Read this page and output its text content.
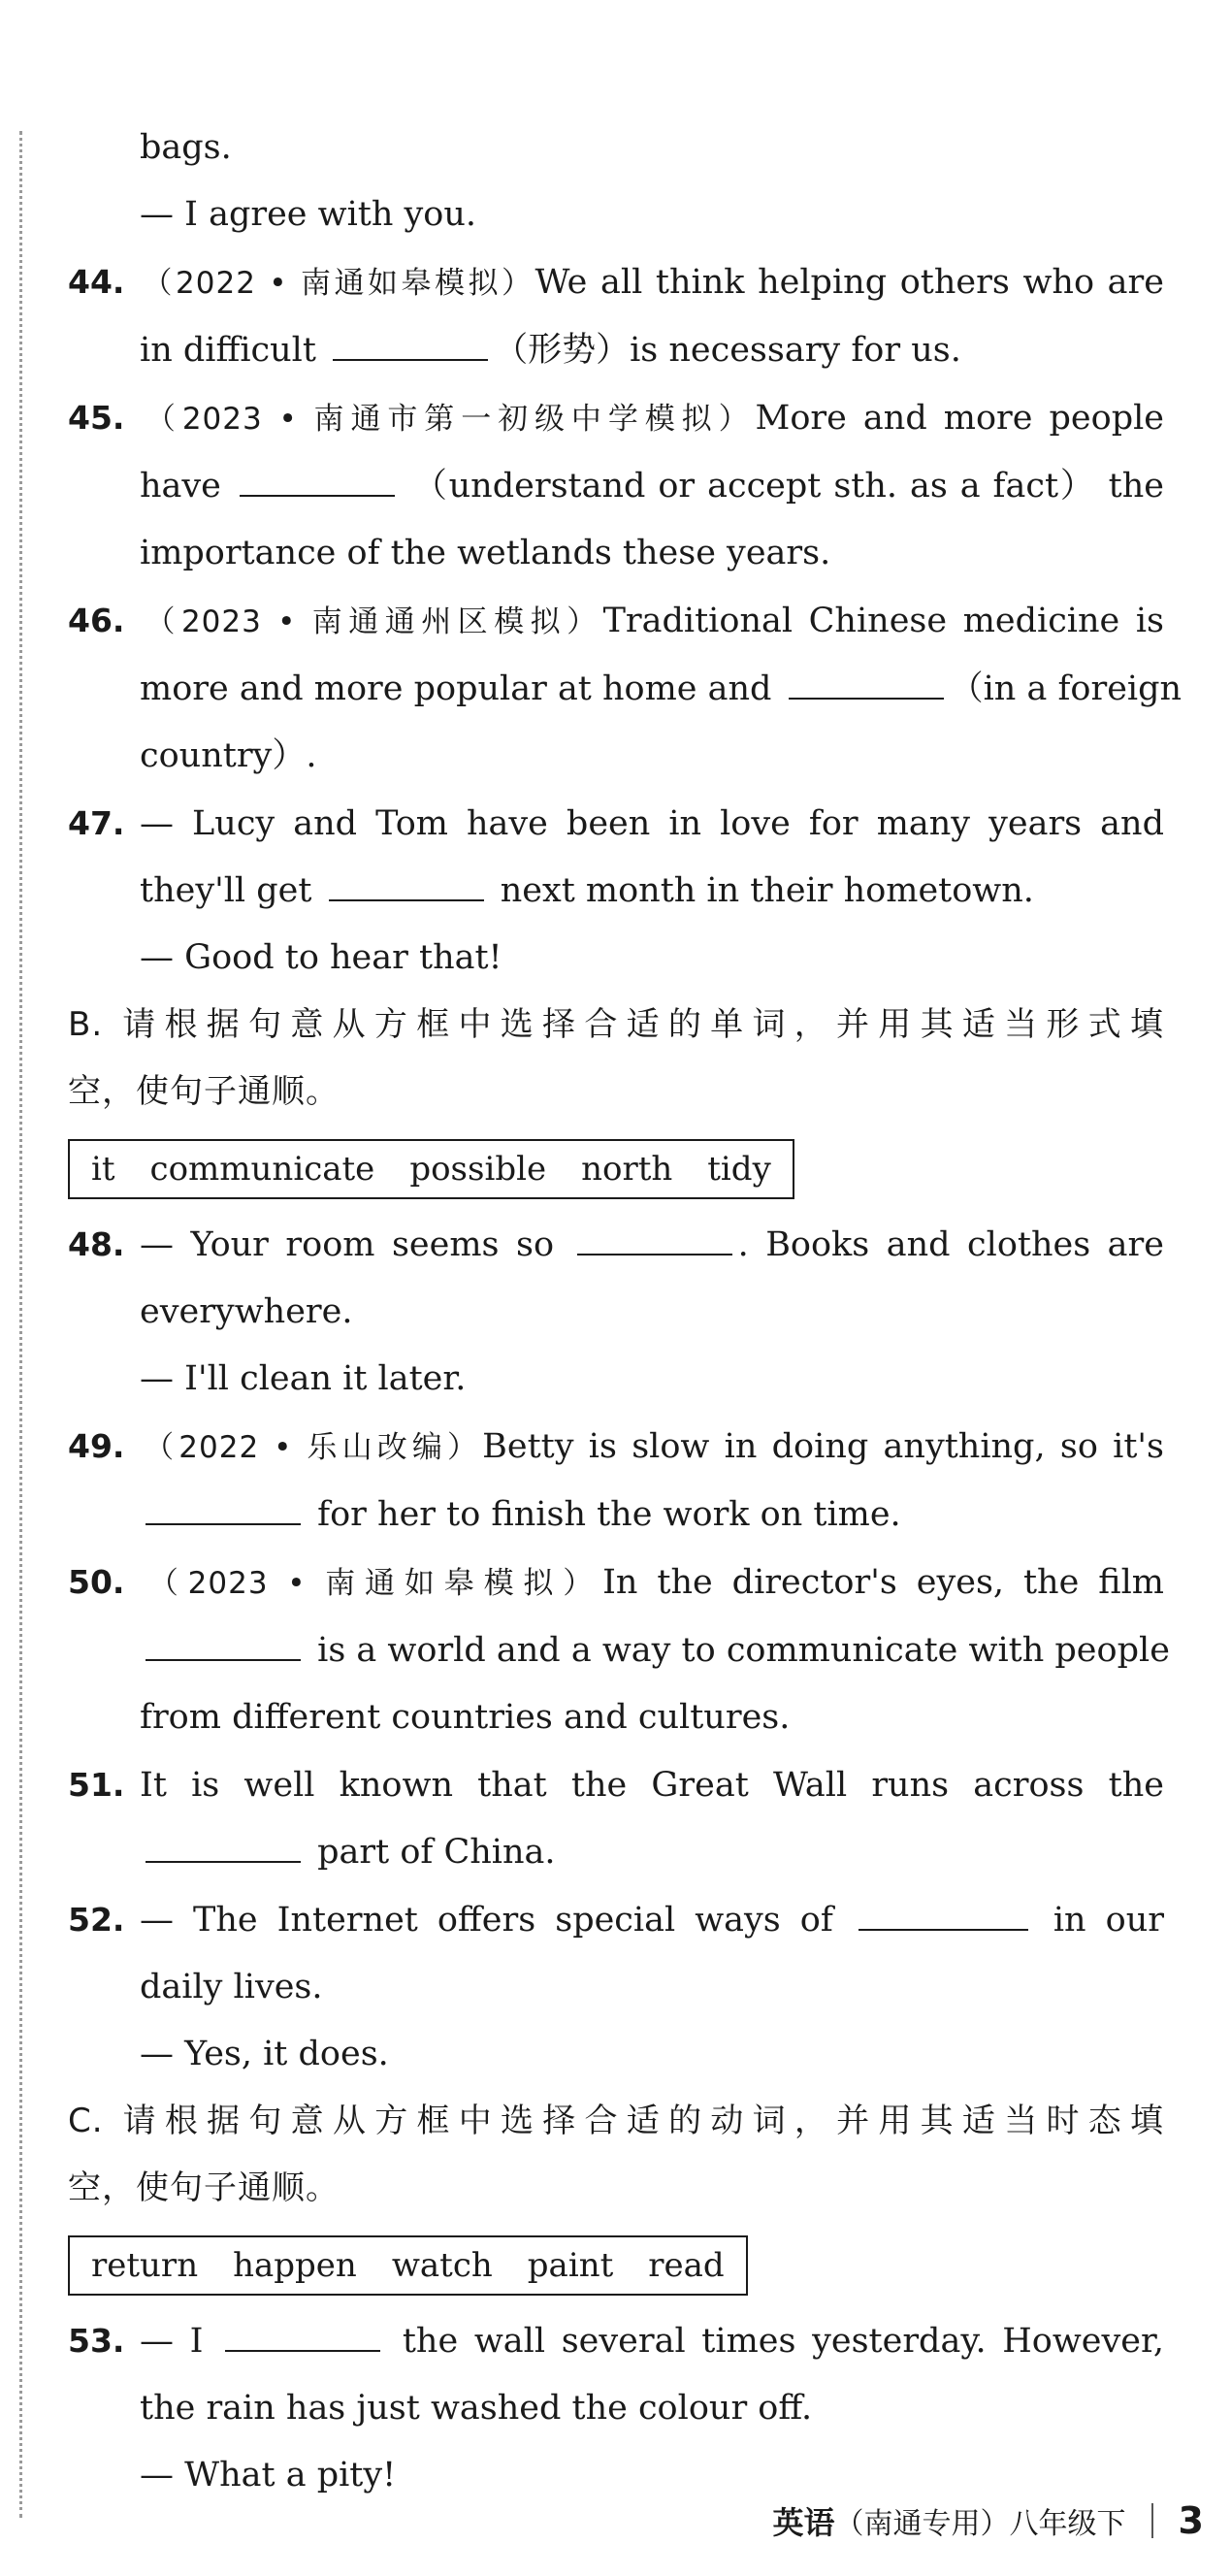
bags.
— I agree with you.
44. （2022 • 南通如皋模拟）We all think helping others who are
in difficult	（形势）is necessary for us.
45. （2023 • 南通市第一初级中学模拟）More and more people
have	（understand or accept sth. as a fact） the
importance of the wetlands these years.
46. （2023 • 南通通州区模拟）Traditional Chinese medicine is
more and more popular at home and	（in a foreign
country）.
47. — Lucy and Tom have been in love for many years and
they'll get	next month in their hometown.
— Good to hear that!
B. 请根据句意从方框中选择合适的单词，并用其适当形式填
空，使句子通顺。
it communicate possible north tidy
48. — Your room seems so	. Books and clothes are
everywhere.
— I'll clean it later.
49. （2022 • 乐山改编）Betty is slow in doing anything, so it's
for her to finish the work on time.
50. （2023 • 南通如皋模拟）In the director's eyes, the film
is a world and a way to communicate with people
from different countries and cultures.
51. It is well known that the Great Wall runs across the
part of China.
52. — The Internet offers special ways of	in our
daily lives.
— Yes, it does.
C. 请根据句意从方框中选择合适的动词，并用其适当时态填
空，使句子通顺。
return happen watch paint read
53. — I	the wall several times yesterday. However,
the rain has just washed the colour off.
— What a pity!
英语（南通专用）八年级下 3
